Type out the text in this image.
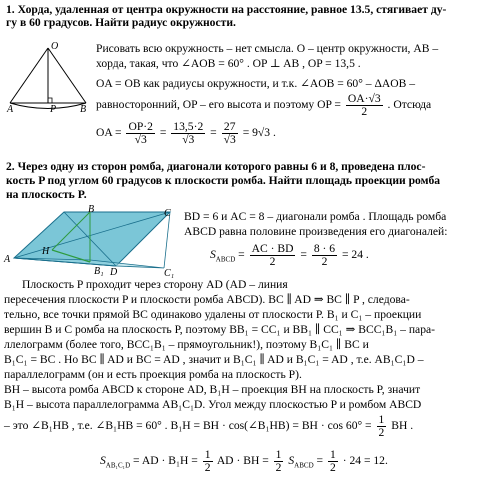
1. Хорда, удаленная от центра окружности на расстояние, равное 13.5, стягивает ду-
гу в 60 градусов. Найти радиус окружности.
O
A	B
P
Рисовать всю окружность – нет смысла. O – центр окружности, AB –
хорда, такая, что ∠AOB = 60° . OP ⊥ AB , OP = 13,5 .
OA = OB как радиусы окружности, и т.к. ∠AOB = 60° – ΔAOB –
равносторонний, OP – его высота и поэтому OP = $\frac{OA\cdot√3}{2}$ . Отсюда
OA = $\frac{OP\cdot 2}{√3} = \frac{13,5\cdot 2}{√3} = \frac{27}{√3} = 9√3$ .
2. Через одну из сторон ромба, диагонали которого равны 6 и 8, проведена плос-
кость P под углом 60 градусов к плоскости ромба. Найти площадь проекции ромба
на плоскость P.
A
B	C
H
D
B₁	C₁
BD = 6 и AC = 8 – диагонали ромба . Площадь ромба
ABCD равна половине произведения его диагоналей:
$S_{ABCD} = \frac{AC \cdot BD}{2} = \frac{8 \cdot 6}{2} = 24$ .
Плоскость P проходит через сторону AD (AD – линия
пересечения плоскости P и плоскости ромба ABCD). BC ∥ AD ⇒ BC ∥ P , следова-
тельно, все точки прямой BC одинаково удалены от плоскости P. B₁ и C₁ – проекции
вершин B и C ромба на плоскость P, поэтому BB₁ = CC₁ и BB₁ ∥ CC₁ ⇒ BCC₁B₁ – пара-
ллелограмм (более того, BCC₁B₁ – прямоугольник!), поэтому B₁C₁ ∥ BC и
B₁C₁ = BC . Но BC ∥ AD и BC = AD , значит и B₁C₁ ∥ AD и B₁C₁ = AD , т.е. AB₁C₁D –
параллелограмм (он и есть проекция ромба на плоскость P).
BH – высота ромба ABCD к стороне AD, B₁H – проекция BH на плоскость P, значит
B₁H – высота параллелограмма AB₁C₁D. Угол между плоскостью P и ромбом ABCD
– это ∠B₁HB , т.е. ∠B₁HB = 60° . B₁H = BH · cos(∠B₁HB) = BH · $\cos 60^\circ = \frac{1}{2}$ BH .
$S_{AB_1C_1D}$ = AD · $B_1H = \frac{1}{2}$ AD · BH = $\frac{1}{2} S_{ABCD} = \frac{1}{2} \cdot 24 = 12$.
